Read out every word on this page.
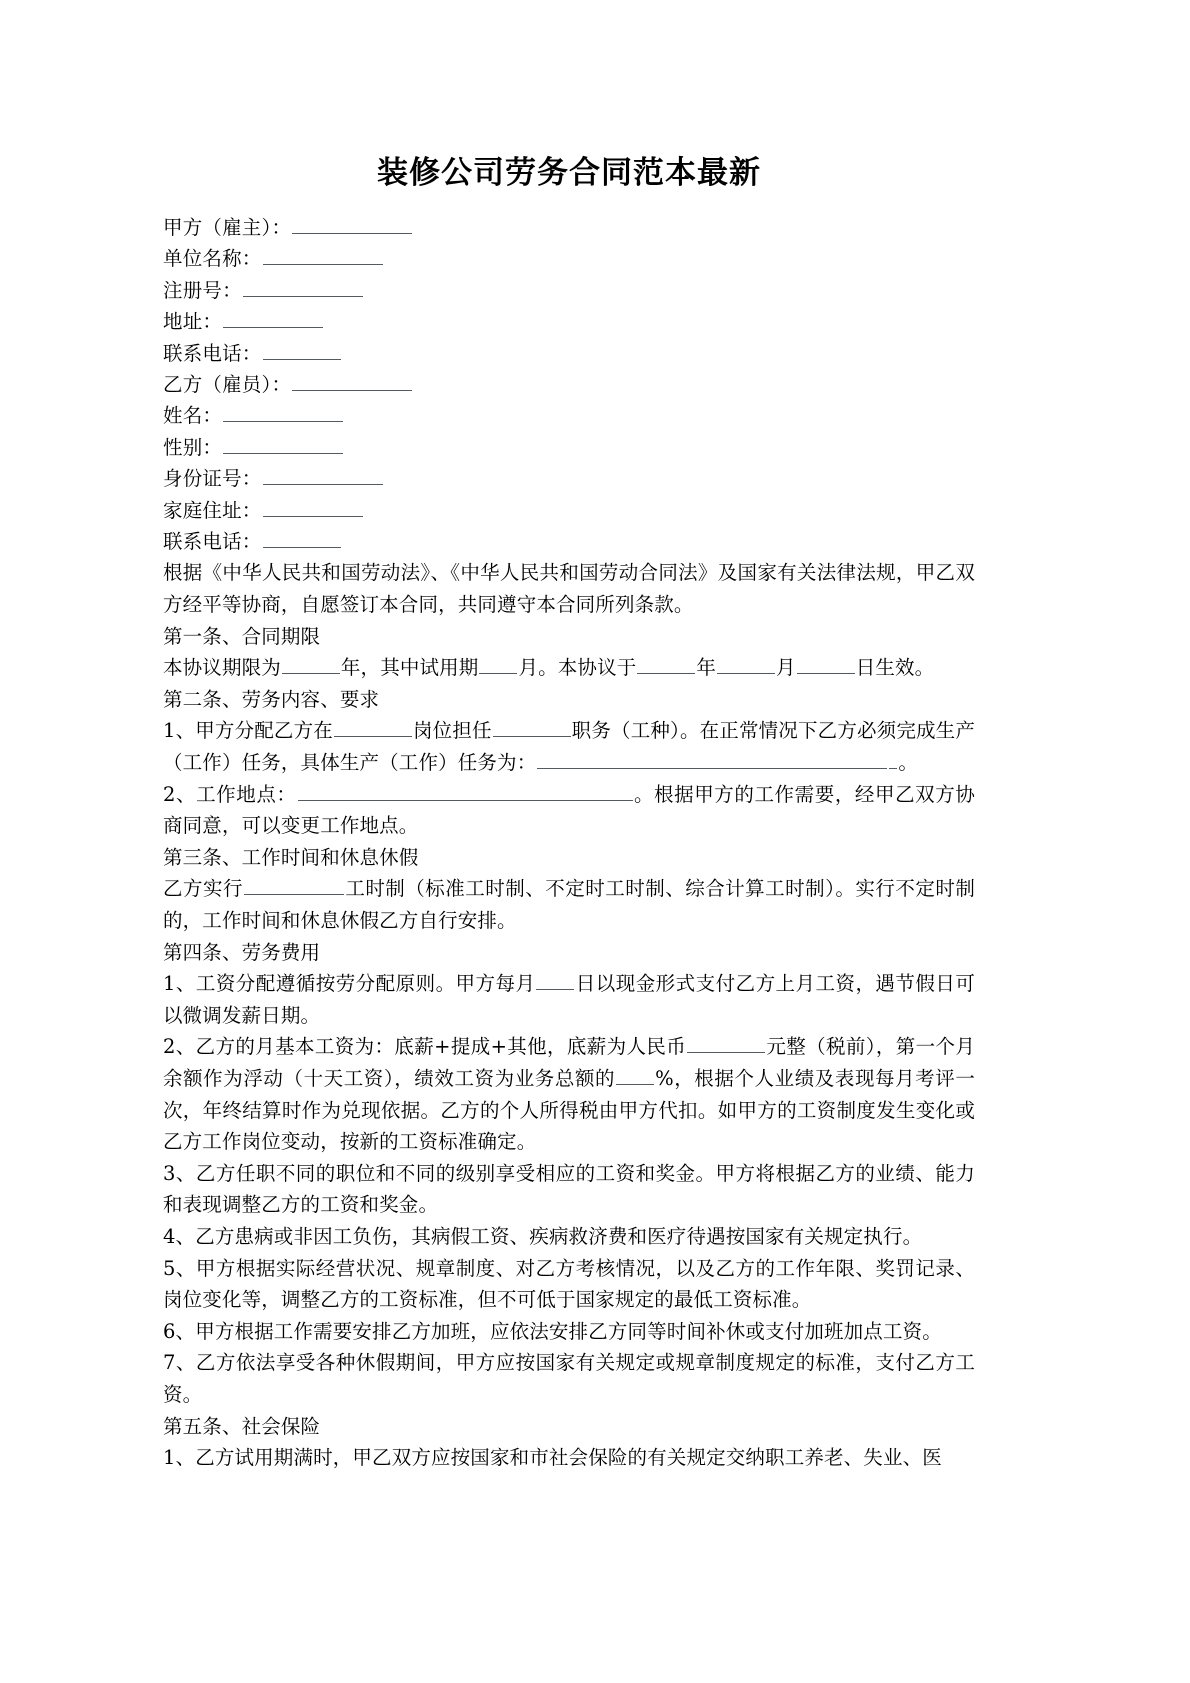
装修公司劳务合同范本最新
甲方（雇主）：
单位名称：
注册号：
地址：
联系电话：
乙方（雇员）：
姓名：
性别：
身份证号：
家庭住址：
联系电话：

根据《中华人民共和国劳动法》、《中华人民共和国劳动合同法》及国家有关法律法规，甲乙双方经平等协商，自愿签订本合同，共同遵守本合同所列条款。

第一条、合同期限

本协议期限为	年，其中试用期 月。本协议于	年	月	日生效。

第二条、劳务内容、要求

1、甲方分配乙方在	岗位担任	职务（工种）。在正常情况下乙方必须完成生产（工作）任务，具体生产（工作）任务为：	。

2、工作地点：	。根据甲方的工作需要，经甲乙双方协商同意，可以变更工作地点。

第三条、工作时间和休息休假

乙方实行	工时制（标准工时制、不定时工时制、综合计算工时制）。实行不定时制的，工作时间和休息休假乙方自行安排。

第四条、劳务费用

1、工资分配遵循按劳分配原则。甲方每月 日以现金形式支付乙方上月工资，遇节假日可以微调发薪日期。

2、乙方的月基本工资为：底薪+提成+其他，底薪为人民币	元整（税前），第一个月余额作为浮动（十天工资），绩效工资为业务总额的 %，根据个人业绩及表现每月考评一次，年终结算时作为兑现依据。乙方的个人所得税由甲方代扣。如甲方的工资制度发生变化或乙方工作岗位变动，按新的工资标准确定。

3、乙方任职不同的职位和不同的级别享受相应的工资和奖金。甲方将根据乙方的业绩、能力和表现调整乙方的工资和奖金。

4、乙方患病或非因工负伤，其病假工资、疾病救济费和医疗待遇按国家有关规定执行。

5、甲方根据实际经营状况、规章制度、对乙方考核情况，以及乙方的工作年限、奖罚记录、岗位变化等，调整乙方的工资标准，但不可低于国家规定的最低工资标准。

6、甲方根据工作需要安排乙方加班，应依法安排乙方同等时间补休或支付加班加点工资。

7、乙方依法享受各种休假期间，甲方应按国家有关规定或规章制度规定的标准，支付乙方工资。

第五条、社会保险

1、乙方试用期满时，甲乙双方应按国家和市社会保险的有关规定交纳职工养老、失业、医
